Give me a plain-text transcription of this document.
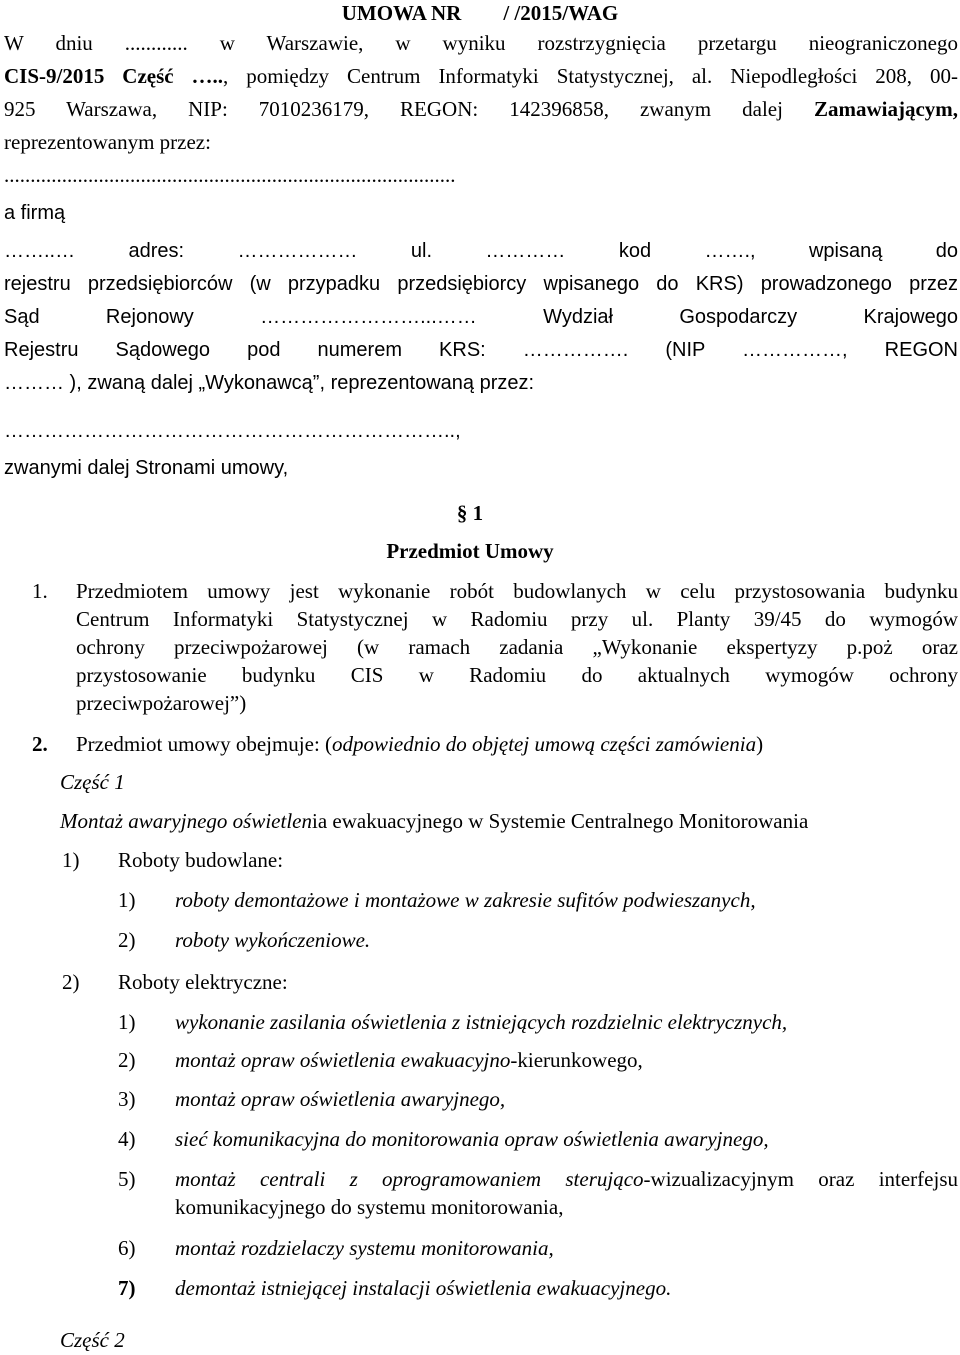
UMOWA NR / /2015/WAG
W dniu ............ w Warszawie, w wyniku rozstrzygnięcia przetargu nieograniczonego
CIS-9/2015 Część ….., pomiędzy Centrum Informatyki Statystycznej, al. Niepodległości 208, 00-
925 Warszawa, NIP: 7010236179, REGON: 142396858, zwanym dalej Zamawiającym,
reprezentowanym przez:
......................................................................................
a firmą
……..… adres: ……………… ul. ………… kod ……., wpisaną do
rejestru przedsiębiorców (w przypadku przedsiębiorcy wpisanego do KRS) prowadzonego przez
Sąd Rejonowy ……………………...…… Wydział Gospodarczy Krajowego
Rejestru Sądowego pod numerem KRS: ……………. (NIP ……………, REGON
……… ), zwaną dalej „Wykonawcą”, reprezentowaną przez:
…………………………………………………………..,
zwanymi dalej Stronami umowy,
§ 1
Przedmiot Umowy
1. Przedmiotem umowy jest wykonanie robót budowlanych w celu przystosowania budynku
Centrum Informatyki Statystycznej w Radomiu przy ul. Planty 39/45 do wymogów
ochrony przeciwpożarowej (w ramach zadania „Wykonanie ekspertyzy p.poż oraz
przystosowanie budynku CIS w Radomiu do aktualnych wymogów ochrony
przeciwpożarowej”)
2. Przedmiot umowy obejmuje: (odpowiednio do objętej umową części zamówienia)
Część 1
Montaż awaryjnego oświetlenia ewakuacyjnego w Systemie Centralnego Monitorowania
1) Roboty budowlane:
1) roboty demontażowe i montażowe w zakresie sufitów podwieszanych,
2) roboty wykończeniowe.
2) Roboty elektryczne:
1) wykonanie zasilania oświetlenia z istniejących rozdzielnic elektrycznych,
2) montaż opraw oświetlenia ewakuacyjno-kierunkowego,
3) montaż opraw oświetlenia awaryjnego,
4) sieć komunikacyjna do monitorowania opraw oświetlenia awaryjnego,
5) montaż centrali z oprogramowaniem sterująco-wizualizacyjnym oraz interfejsu
komunikacyjnego do systemu monitorowania,
6) montaż rozdzielaczy systemu monitorowania,
7) demontaż istniejącej instalacji oświetlenia ewakuacyjnego.
Część 2
